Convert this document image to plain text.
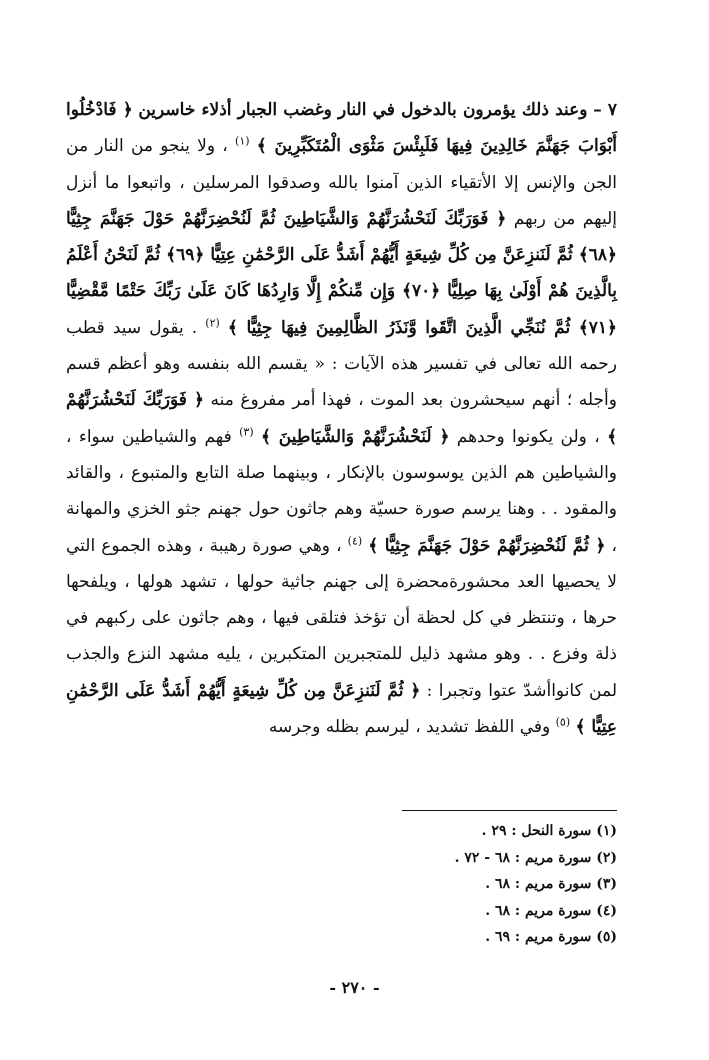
٧ – وعند ذلك يؤمرون بالدخول في النار وغضب الجبار أذلاء خاسرين ﴿ فَادْخُلُوا أَبْوَابَ جَهَنَّمَ خَالِدِينَ فِيهَا فَلَبِئْسَ مَثْوَى الْمُتَكَبِّرِينَ ﴾ $^{(١)}$ ، ولا ينجو من النار من الجن والإنس إلا الأتقياء الذين آمنوا بالله وصدقوا المرسلين ، واتبعوا ما أنزل إليهم من ربهم ﴿ فَوَرَبِّكَ لَنَحْشُرَنَّهُمْ وَالشَّيَاطِينَ ثُمَّ لَنُحْضِرَنَّهُمْ حَوْلَ جَهَنَّمَ جِثِيًّا ﴿٦٨﴾ ثُمَّ لَنَنزِعَنَّ مِن كُلِّ شِيعَةٍ أَيُّهُمْ أَشَدُّ عَلَى الرَّحْمَٰنِ عِتِيًّا ﴿٦٩﴾ ثُمَّ لَنَحْنُ أَعْلَمُ بِالَّذِينَ هُمْ أَوْلَىٰ بِهَا صِلِيًّا ﴿٧٠﴾ وَإِن مِّنكُمْ إِلَّا وَارِدُهَا كَانَ عَلَىٰ رَبِّكَ حَتْمًا مَّقْضِيًّا ﴿٧١﴾ ثُمَّ نُنَجِّي الَّذِينَ اتَّقَوا وَّنَذَرُ الظَّالِمِينَ فِيهَا جِثِيًّا ﴾ $^{(٢)}$ . يقول سيد قطب رحمه الله تعالى في تفسير هذه الآيات : « يقسم الله بنفسه وهو أعظم قسم وأجله ؛ أنهم سيحشرون بعد الموت ، فهذا أمر مفروغ منه ﴿ فَوَرَبِّكَ لَنَحْشُرَنَّهُمْ ﴾ ، ولن يكونوا وحدهم ﴿ لَنَحْشُرَنَّهُمْ وَالشَّيَاطِينَ ﴾ $^{(٣)}$ فهم والشياطين سواء ، والشياطين هم الذين يوسوسون بالإنكار ، وبينهما صلة التابع والمتبوع ، والقائد والمقود . . وهنا يرسم صورة حسيّة وهم جاثون حول جهنم جثو الخزي والمهانة ، ﴿ ثُمَّ لَنُحْضِرَنَّهُمْ حَوْلَ جَهَنَّمَ جِثِيًّا ﴾ $^{(٤)}$ ، وهي صورة رهيبة ، وهذه الجموع التي لا يحصيها العد محشورةمحضرة إلى جهنم جاثية حولها ، تشهد هولها ، ويلفحها حرها ، وتنتظر في كل لحظة أن تؤخذ فتلقى فيها ، وهم جاثون على ركبهم في ذلة وفزع . . وهو مشهد ذليل للمتجبرين المتكبرين ، يليه مشهد النزع والجذب لمن كانواأشدّ عتوا وتجبرا : ﴿ ثُمَّ لَنَنزِعَنَّ مِن كُلِّ شِيعَةٍ أَيُّهُمْ أَشَدُّ عَلَى الرَّحْمَٰنِ عِتِيًّا ﴾ $^{(٥)}$ وفي اللفظ تشديد ، ليرسم بظله وجرسه
(١) سورة النحل : ٢٩ .
(٢) سورة مريم : ٦٨ - ٧٢ .
(٣) سورة مريم : ٦٨ .
(٤) سورة مريم : ٦٨ .
(٥) سورة مريم : ٦٩ .
- ٢٧٠ -
